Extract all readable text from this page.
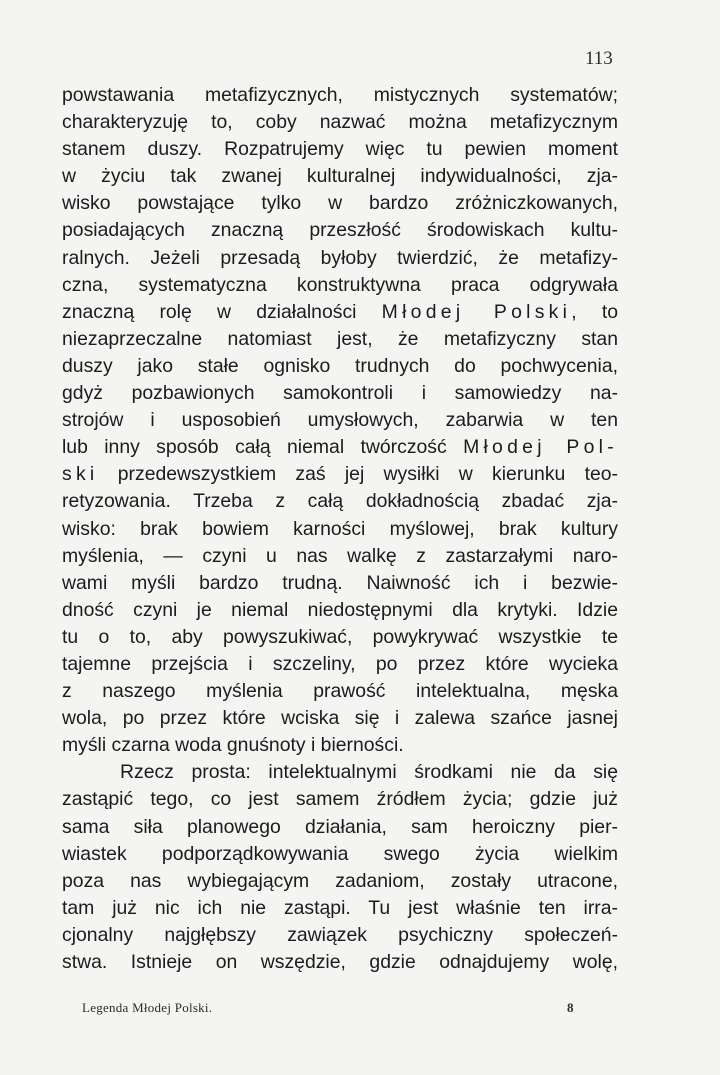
113
powstawania metafizycznych, mistycznych systematów;
charakteryzuję to, coby nazwać można metafizycznym
stanem duszy. Rozpatrujemy więc tu pewien moment
w życiu tak zwanej kulturalnej indywidualności, zja-
wisko powstające tylko w bardzo zróżniczkowanych,
posiadających znaczną przeszłość środowiskach kultu-
ralnych. Jeżeli przesadą byłoby twierdzić, że metafizy-
czna, systematyczna konstruktywna praca odgrywała
znaczną rolę w działalności Młodej Polski, to
niezaprzeczalne natomiast jest, że metafizyczny stan
duszy jako stałe ognisko trudnych do pochwycenia,
gdyż pozbawionych samokontroli i samowiedzy na-
strojów i usposobień umysłowych, zabarwia w ten
lub inny sposób całą niemal twórczość Młodej Pol-
ski przedewszystkiem zaś jej wysiłki w kierunku teo-
retyzowania. Trzeba z całą dokładnością zbadać zja-
wisko: brak bowiem karności myślowej, brak kultury
myślenia, — czyni u nas walkę z zastarzałymi naro-
wami myśli bardzo trudną. Naiwność ich i bezwie-
dność czyni je niemal niedostępnymi dla krytyki. Idzie
tu o to, aby powyszukiwać, powykrywać wszystkie te
tajemne przejścia i szczeliny, po przez które wycieka
z naszego myślenia prawość intelektualna, męska
wola, po przez które wciska się i zalewa szańce jasnej
myśli czarna woda gnuśnoty i bierności.
Rzecz prosta: intelektualnymi środkami nie da się
zastąpić tego, co jest samem źródłem życia; gdzie już
sama siła planowego działania, sam heroiczny pier-
wiastek podporządkowywania swego życia wielkim
poza nas wybiegającym zadaniom, zostały utracone,
tam już nic ich nie zastąpi. Tu jest właśnie ten irra-
cjonalny najgłębszy zawiązek psychiczny społeczeń-
stwa. Istnieje on wszędzie, gdzie odnajdujemy wolę,
Legenda Młodej Polski.	8
